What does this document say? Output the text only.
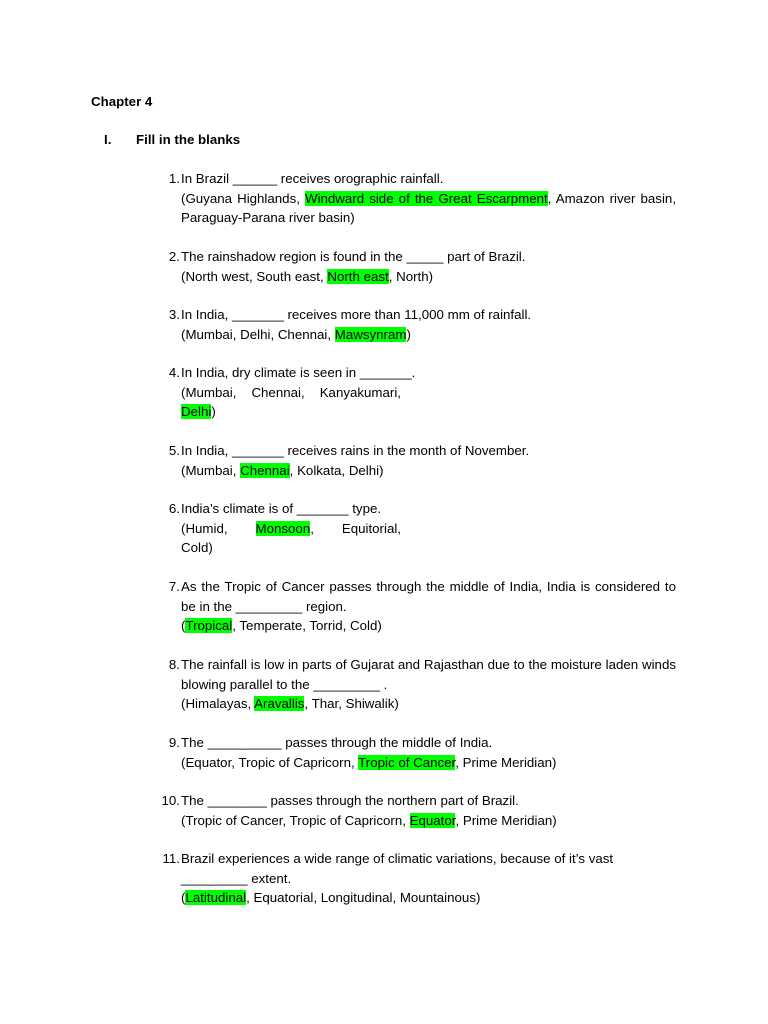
Chapter 4
I. Fill in the blanks
1. In Brazil ______ receives orographic rainfall.
(Guyana Highlands, Windward side of the Great Escarpment, Amazon river basin, Paraguay-Parana river basin)
2. The rainshadow region is found in the _____ part of Brazil.
(North west, South east, North east, North)
3. In India, _______ receives more than 11,000 mm of rainfall.
(Mumbai, Delhi, Chennai, Mawsynram)
4. In India, dry climate is seen in _______.
(Mumbai, Chennai, Kanyakumari,
Delhi)
5. In India, _______ receives rains in the month of November.
(Mumbai, Chennai, Kolkata, Delhi)
6. India’s climate is of _______ type.
(Humid, Monsoon, Equitorial,
Cold)
7. As the Tropic of Cancer passes through the middle of India, India is considered to be in the _________ region.
(Tropical, Temperate, Torrid, Cold)
8. The rainfall is low in parts of Gujarat and Rajasthan due to the moisture laden winds blowing parallel to the _________ .
(Himalayas, Aravallis, Thar, Shiwalik)
9. The __________ passes through the middle of India.
(Equator, Tropic of Capricorn, Tropic of Cancer, Prime Meridian)
10. The ________ passes through the northern part of Brazil.
(Tropic of Cancer, Tropic of Capricorn, Equator, Prime Meridian)
11. Brazil experiences a wide range of climatic variations, because of it’s vast _________ extent.
(Latitudinal, Equatorial, Longitudinal, Mountainous)
